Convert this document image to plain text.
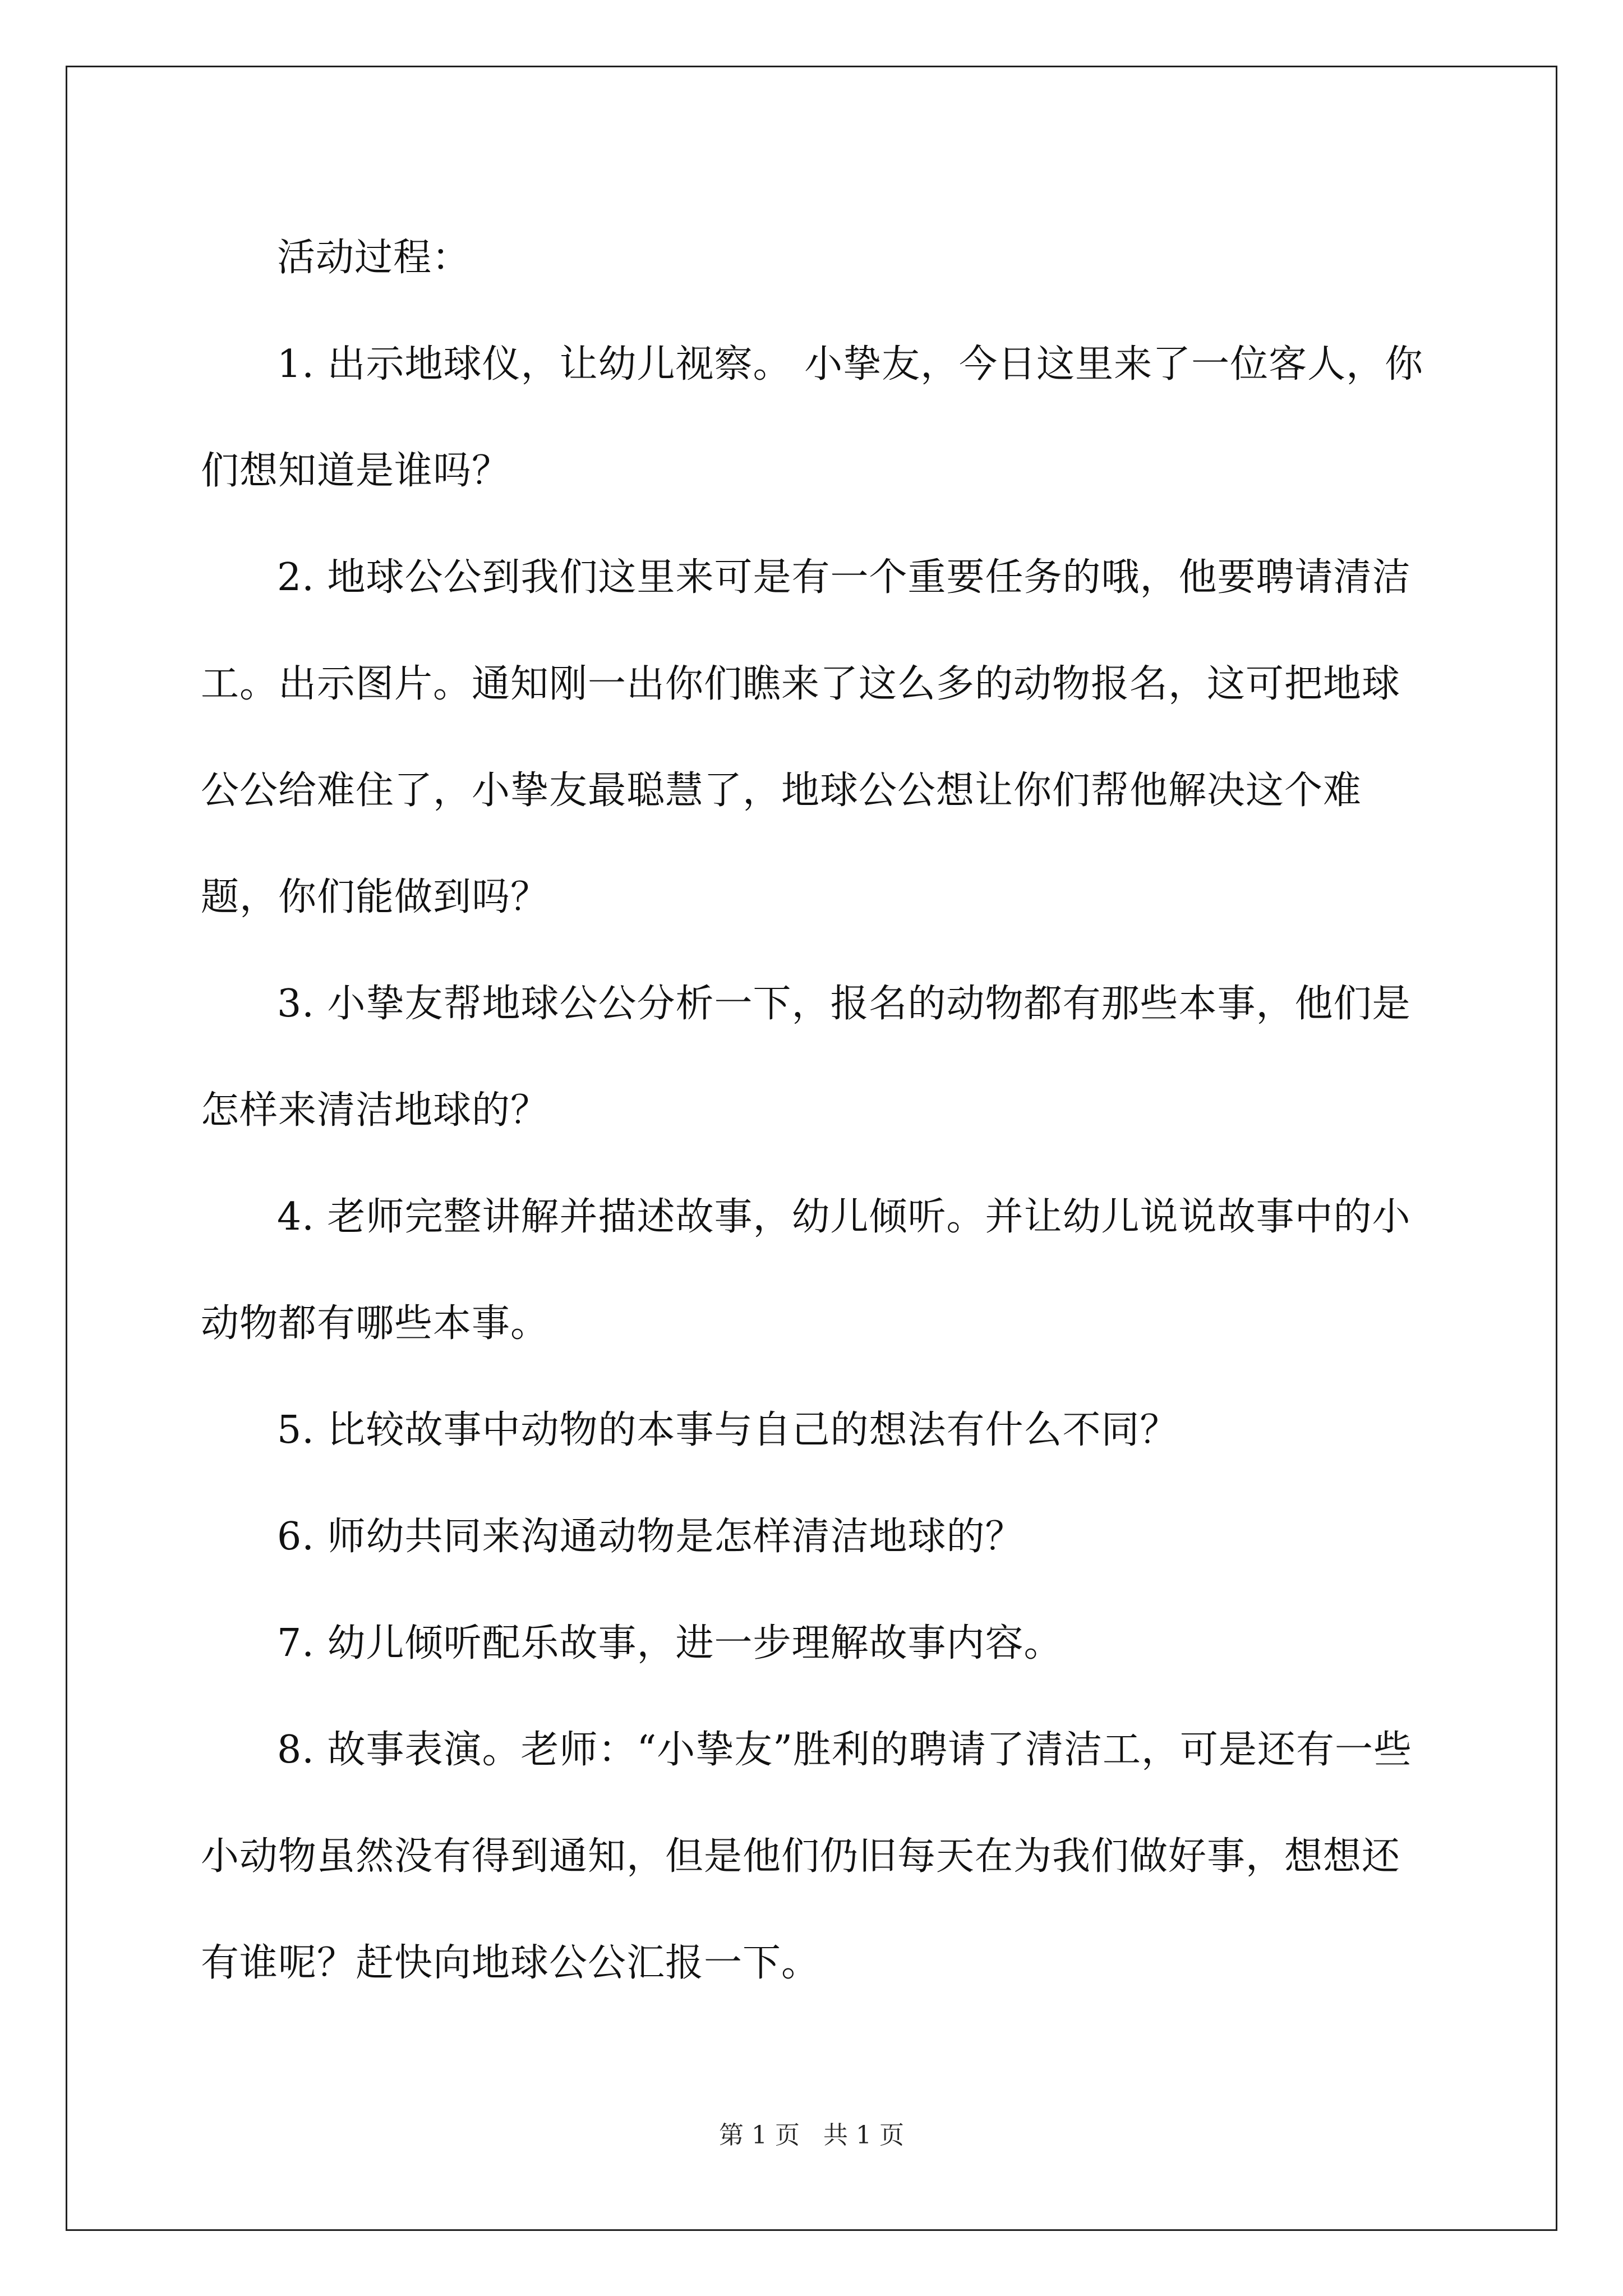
活动过程：

1. 出示地球仪，让幼儿视察。 小挚友，今日这里来了一位客人，你们想知道是谁吗？

2. 地球公公到我们这里来可是有一个重要任务的哦，他要聘请清洁工。出示图片。通知刚一出你们瞧来了这么多的动物报名，这可把地球公公给难住了，小挚友最聪慧了，地球公公想让你们帮他解决这个难题，你们能做到吗？

3. 小挚友帮地球公公分析一下，报名的动物都有那些本事，他们是怎样来清洁地球的？

4. 老师完整讲解并描述故事，幼儿倾听。并让幼儿说说故事中的小动物都有哪些本事。

5. 比较故事中动物的本事与自己的想法有什么不同？

6. 师幼共同来沟通动物是怎样清洁地球的？

7. 幼儿倾听配乐故事，进一步理解故事内容。

8. 故事表演。老师：“小挚友”胜利的聘请了清洁工，可是还有一些小动物虽然没有得到通知，但是他们仍旧每天在为我们做好事，想想还有谁呢？赶快向地球公公汇报一下。

第 1 页 共 1 页
